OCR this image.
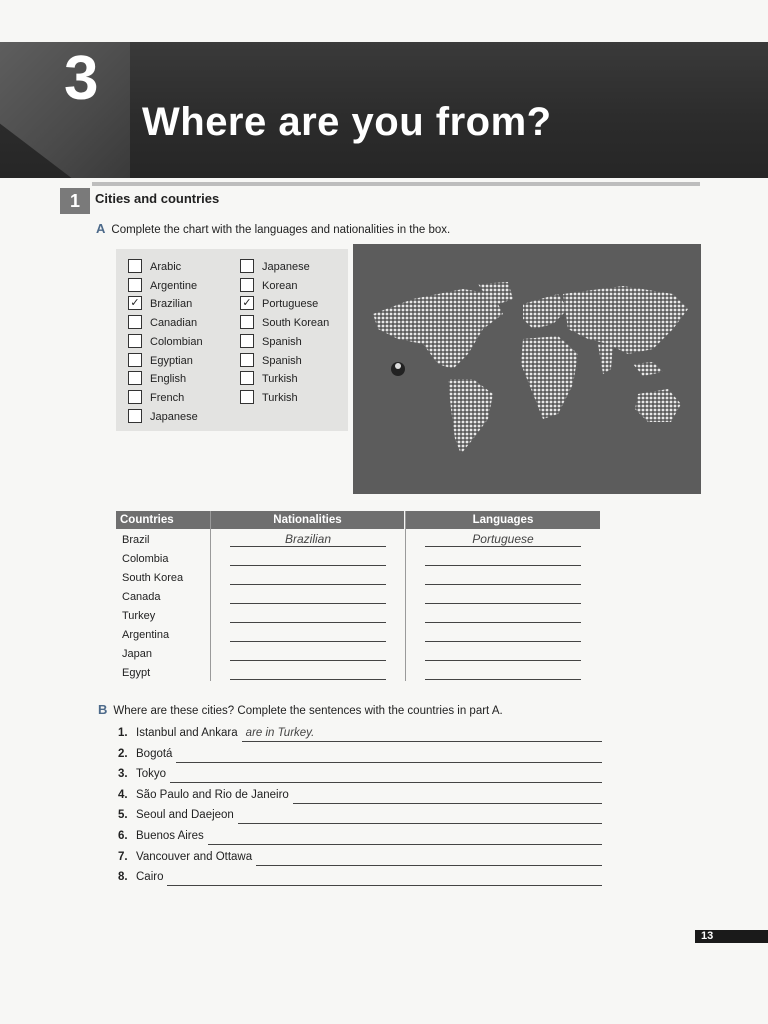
3
Where are you from?
1	Cities and countries
A Complete the chart with the languages and nationalities in the box.
Arabic
Argentine
✓ Brazilian
Canadian
Colombian
Egyptian
English
French
Japanese
Japanese
Korean
✓ Portuguese
South Korean
Spanish
Spanish
Turkish
Turkish
Countries	Nationalities	Languages
Brazil	Brazilian	Portuguese
Colombia
South Korea
Canada
Turkey
Argentina
Japan
Egypt
B Where are these cities? Complete the sentences with the countries in part A.
1. Istanbul and Ankara are in Turkey.
2. Bogotá
3. Tokyo
4. São Paulo and Rio de Janeiro
5. Seoul and Daejeon
6. Buenos Aires
7. Vancouver and Ottawa
8. Cairo
13
